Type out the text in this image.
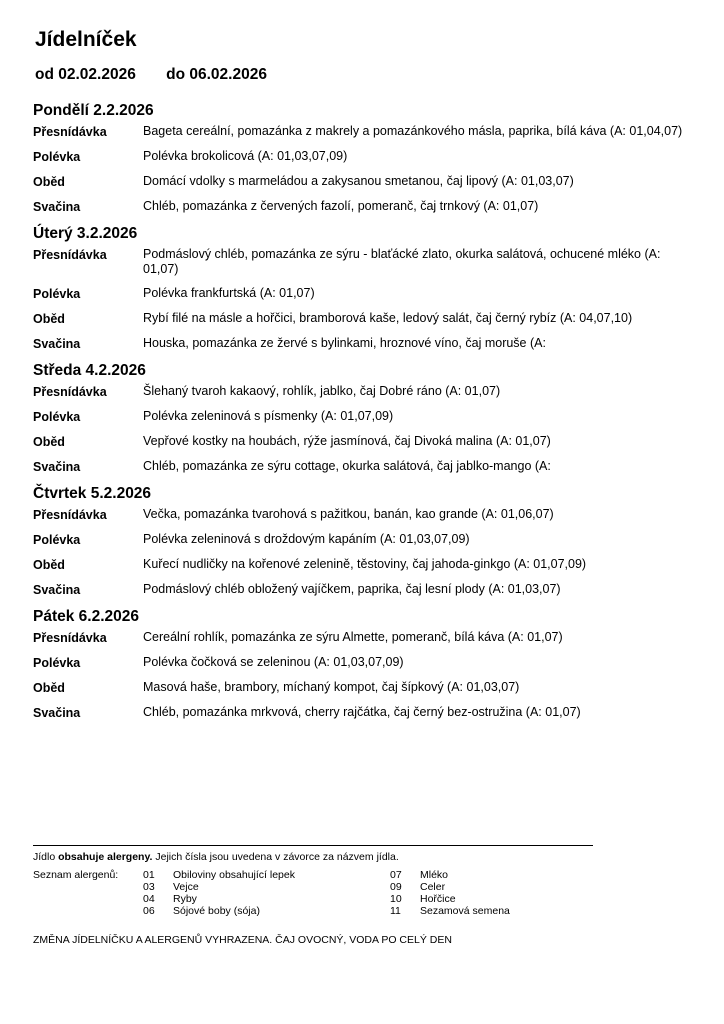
Jídelníček
od 02.02.2026 do 06.02.2026
Pondělí 2.2.2026
Přesnídávka	Bageta cereální, pomazánka z makrely a pomazánkového másla, paprika, bílá káva (A: 01,04,07)
Polévka	Polévka brokolicová (A: 01,03,07,09)
Oběd	Domácí vdolky s marmeládou a zakysanou smetanou, čaj lipový (A: 01,03,07)
Svačina	Chléb, pomazánka z červených fazolí, pomeranč, čaj trnkový (A: 01,07)
Úterý 3.2.2026
Přesnídávka	Podmáslový chléb, pomazánka ze sýru - blaťácké zlato, okurka salátová, ochucené mléko (A: 01,07)
Polévka	Polévka frankfurtská (A: 01,07)
Oběd	Rybí filé na másle a hořčici, bramborová kaše, ledový salát, čaj černý rybíz (A: 04,07,10)
Svačina	Houska, pomazánka ze žervé s bylinkami, hroznové víno, čaj moruše (A:
Středa 4.2.2026
Přesnídávka	Šlehaný tvaroh kakaový, rohlík, jablko, čaj Dobré ráno (A: 01,07)
Polévka	Polévka zeleninová s písmenky (A: 01,07,09)
Oběd	Vepřové kostky na houbách, rýže jasmínová, čaj Divoká malina (A: 01,07)
Svačina	Chléb, pomazánka ze sýru cottage, okurka salátová, čaj jablko-mango (A:
Čtvrtek 5.2.2026
Přesnídávka	Večka, pomazánka tvarohová s pažitkou, banán, kao grande (A: 01,06,07)
Polévka	Polévka zeleninová s droždovým kapáním (A: 01,03,07,09)
Oběd	Kuřecí nudličky na kořenové zelenině, těstoviny, čaj jahoda-ginkgo (A: 01,07,09)
Svačina	Podmáslový chléb obložený vajíčkem, paprika, čaj lesní plody (A: 01,03,07)
Pátek 6.2.2026
Přesnídávka	Cereální rohlík, pomazánka ze sýru Almette, pomeranč, bílá káva (A: 01,07)
Polévka	Polévka čočková se zeleninou (A: 01,03,07,09)
Oběd	Masová haše, brambory, míchaný kompot, čaj šípkový (A: 01,03,07)
Svačina	Chléb, pomazánka mrkvová, cherry rajčátka, čaj černý bez-ostružina (A: 01,07)
Jídlo obsahuje alergeny. Jejich čísla jsou uvedena v závorce za názvem jídla.
Seznam alergenů: 01	Obiloviny obsahující lepek
03	Vejce
04	Ryby
06	Sójové boby (sója)
07	Mléko
09	Celer
10	Hořčice
11	Sezamová semena
ZMĚNA JÍDELNÍČKU A ALERGENŮ VYHRAZENA. ČAJ OVOCNÝ, VODA PO CELÝ DEN
